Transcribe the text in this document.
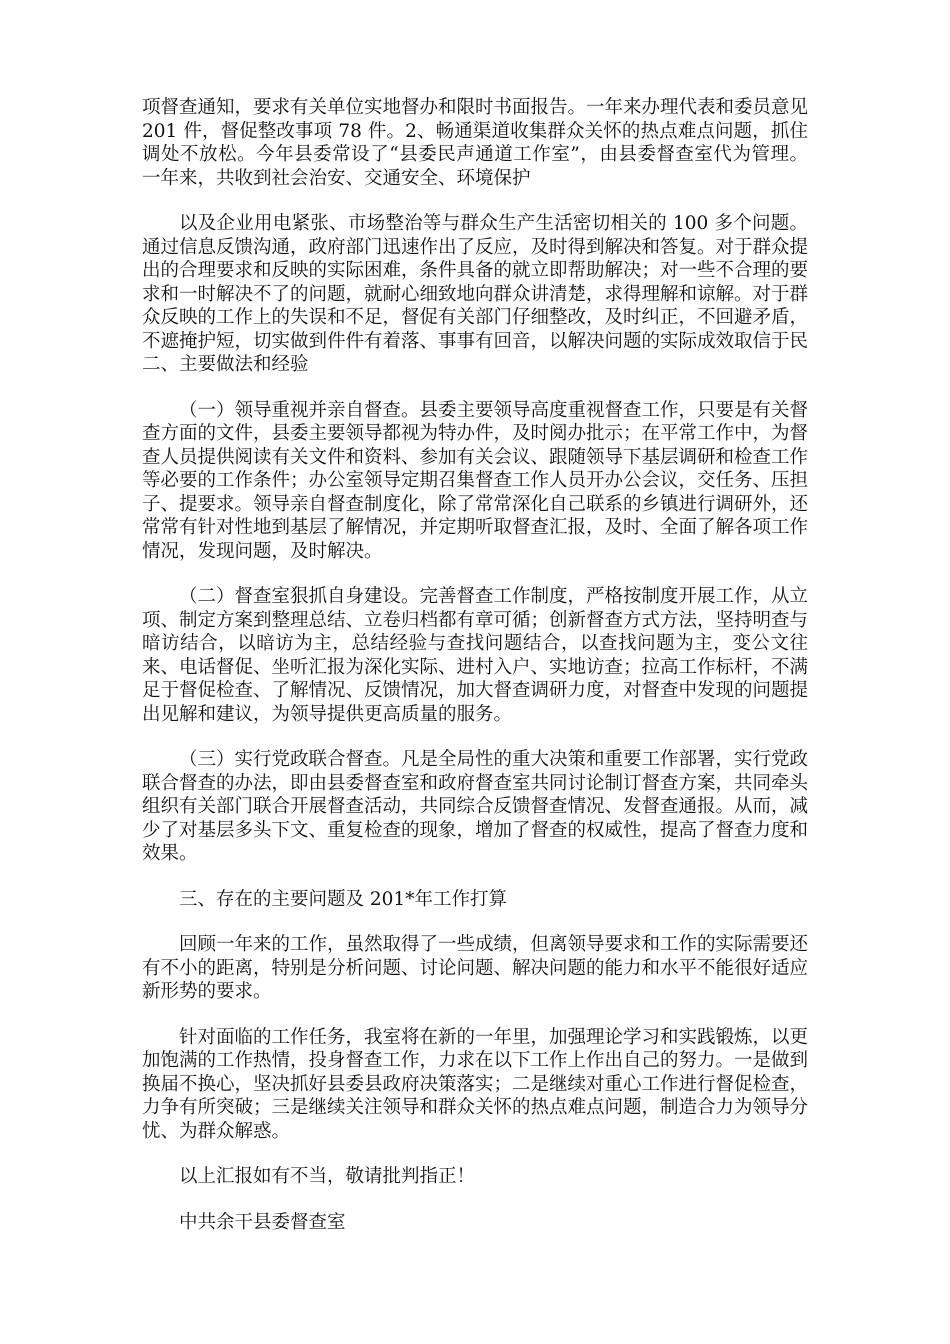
项督查通知，要求有关单位实地督办和限时书面报告。一年来办理代表和委员意见 201 件，督促整改事项 78 件。2、畅通渠道收集群众关怀的热点难点问题，抓住调处不放松。今年县委常设了“县委民声通道工作室”，由县委督查室代为管理。一年来，共收到社会治安、交通安全、环境保护

以及企业用电紧张、市场整治等与群众生产生活密切相关的 100 多个问题。通过信息反馈沟通，政府部门迅速作出了反应，及时得到解决和答复。对于群众提出的合理要求和反映的实际困难，条件具备的就立即帮助解决；对一些不合理的要求和一时解决不了的问题，就耐心细致地向群众讲清楚，求得理解和谅解。对于群众反映的工作上的失误和不足，督促有关部门仔细整改，及时纠正，不回避矛盾，不遮掩护短，切实做到件件有着落、事事有回音，以解决问题的实际成效取信于民二、主要做法和经验

（一）领导重视并亲自督查。县委主要领导高度重视督查工作，只要是有关督查方面的文件，县委主要领导都视为特办件，及时阅办批示；在平常工作中，为督查人员提供阅读有关文件和资料、参加有关会议、跟随领导下基层调研和检查工作等必要的工作条件；办公室领导定期召集督查工作人员开办公会议，交任务、压担子、提要求。领导亲自督查制度化，除了常常深化自己联系的乡镇进行调研外，还常常有针对性地到基层了解情况，并定期听取督查汇报，及时、全面了解各项工作情况，发现问题，及时解决。

（二）督查室狠抓自身建设。完善督查工作制度，严格按制度开展工作，从立项、制定方案到整理总结、立卷归档都有章可循；创新督查方式方法，坚持明查与暗访结合，以暗访为主，总结经验与查找问题结合，以查找问题为主，变公文往来、电话督促、坐听汇报为深化实际、进村入户、实地访查；拉高工作标杆，不满足于督促检查、了解情况、反馈情况，加大督查调研力度，对督查中发现的问题提出见解和建议，为领导提供更高质量的服务。

（三）实行党政联合督查。凡是全局性的重大决策和重要工作部署，实行党政联合督查的办法，即由县委督查室和政府督查室共同讨论制订督查方案，共同牵头组织有关部门联合开展督查活动，共同综合反馈督查情况、发督查通报。从而，减少了对基层多头下文、重复检查的现象，增加了督查的权威性，提高了督查力度和效果。

三、存在的主要问题及 201*年工作打算

回顾一年来的工作，虽然取得了一些成绩，但离领导要求和工作的实际需要还有不小的距离，特别是分析问题、讨论问题、解决问题的能力和水平不能很好适应新形势的要求。

针对面临的工作任务，我室将在新的一年里，加强理论学习和实践锻炼，以更加饱满的工作热情，投身督查工作，力求在以下工作上作出自己的努力。一是做到换届不换心，坚决抓好县委县政府决策落实；二是继续对重心工作进行督促检查，力争有所突破；三是继续关注领导和群众关怀的热点难点问题，制造合力为领导分忧、为群众解惑。

以上汇报如有不当，敬请批判指正！

中共余干县委督查室
